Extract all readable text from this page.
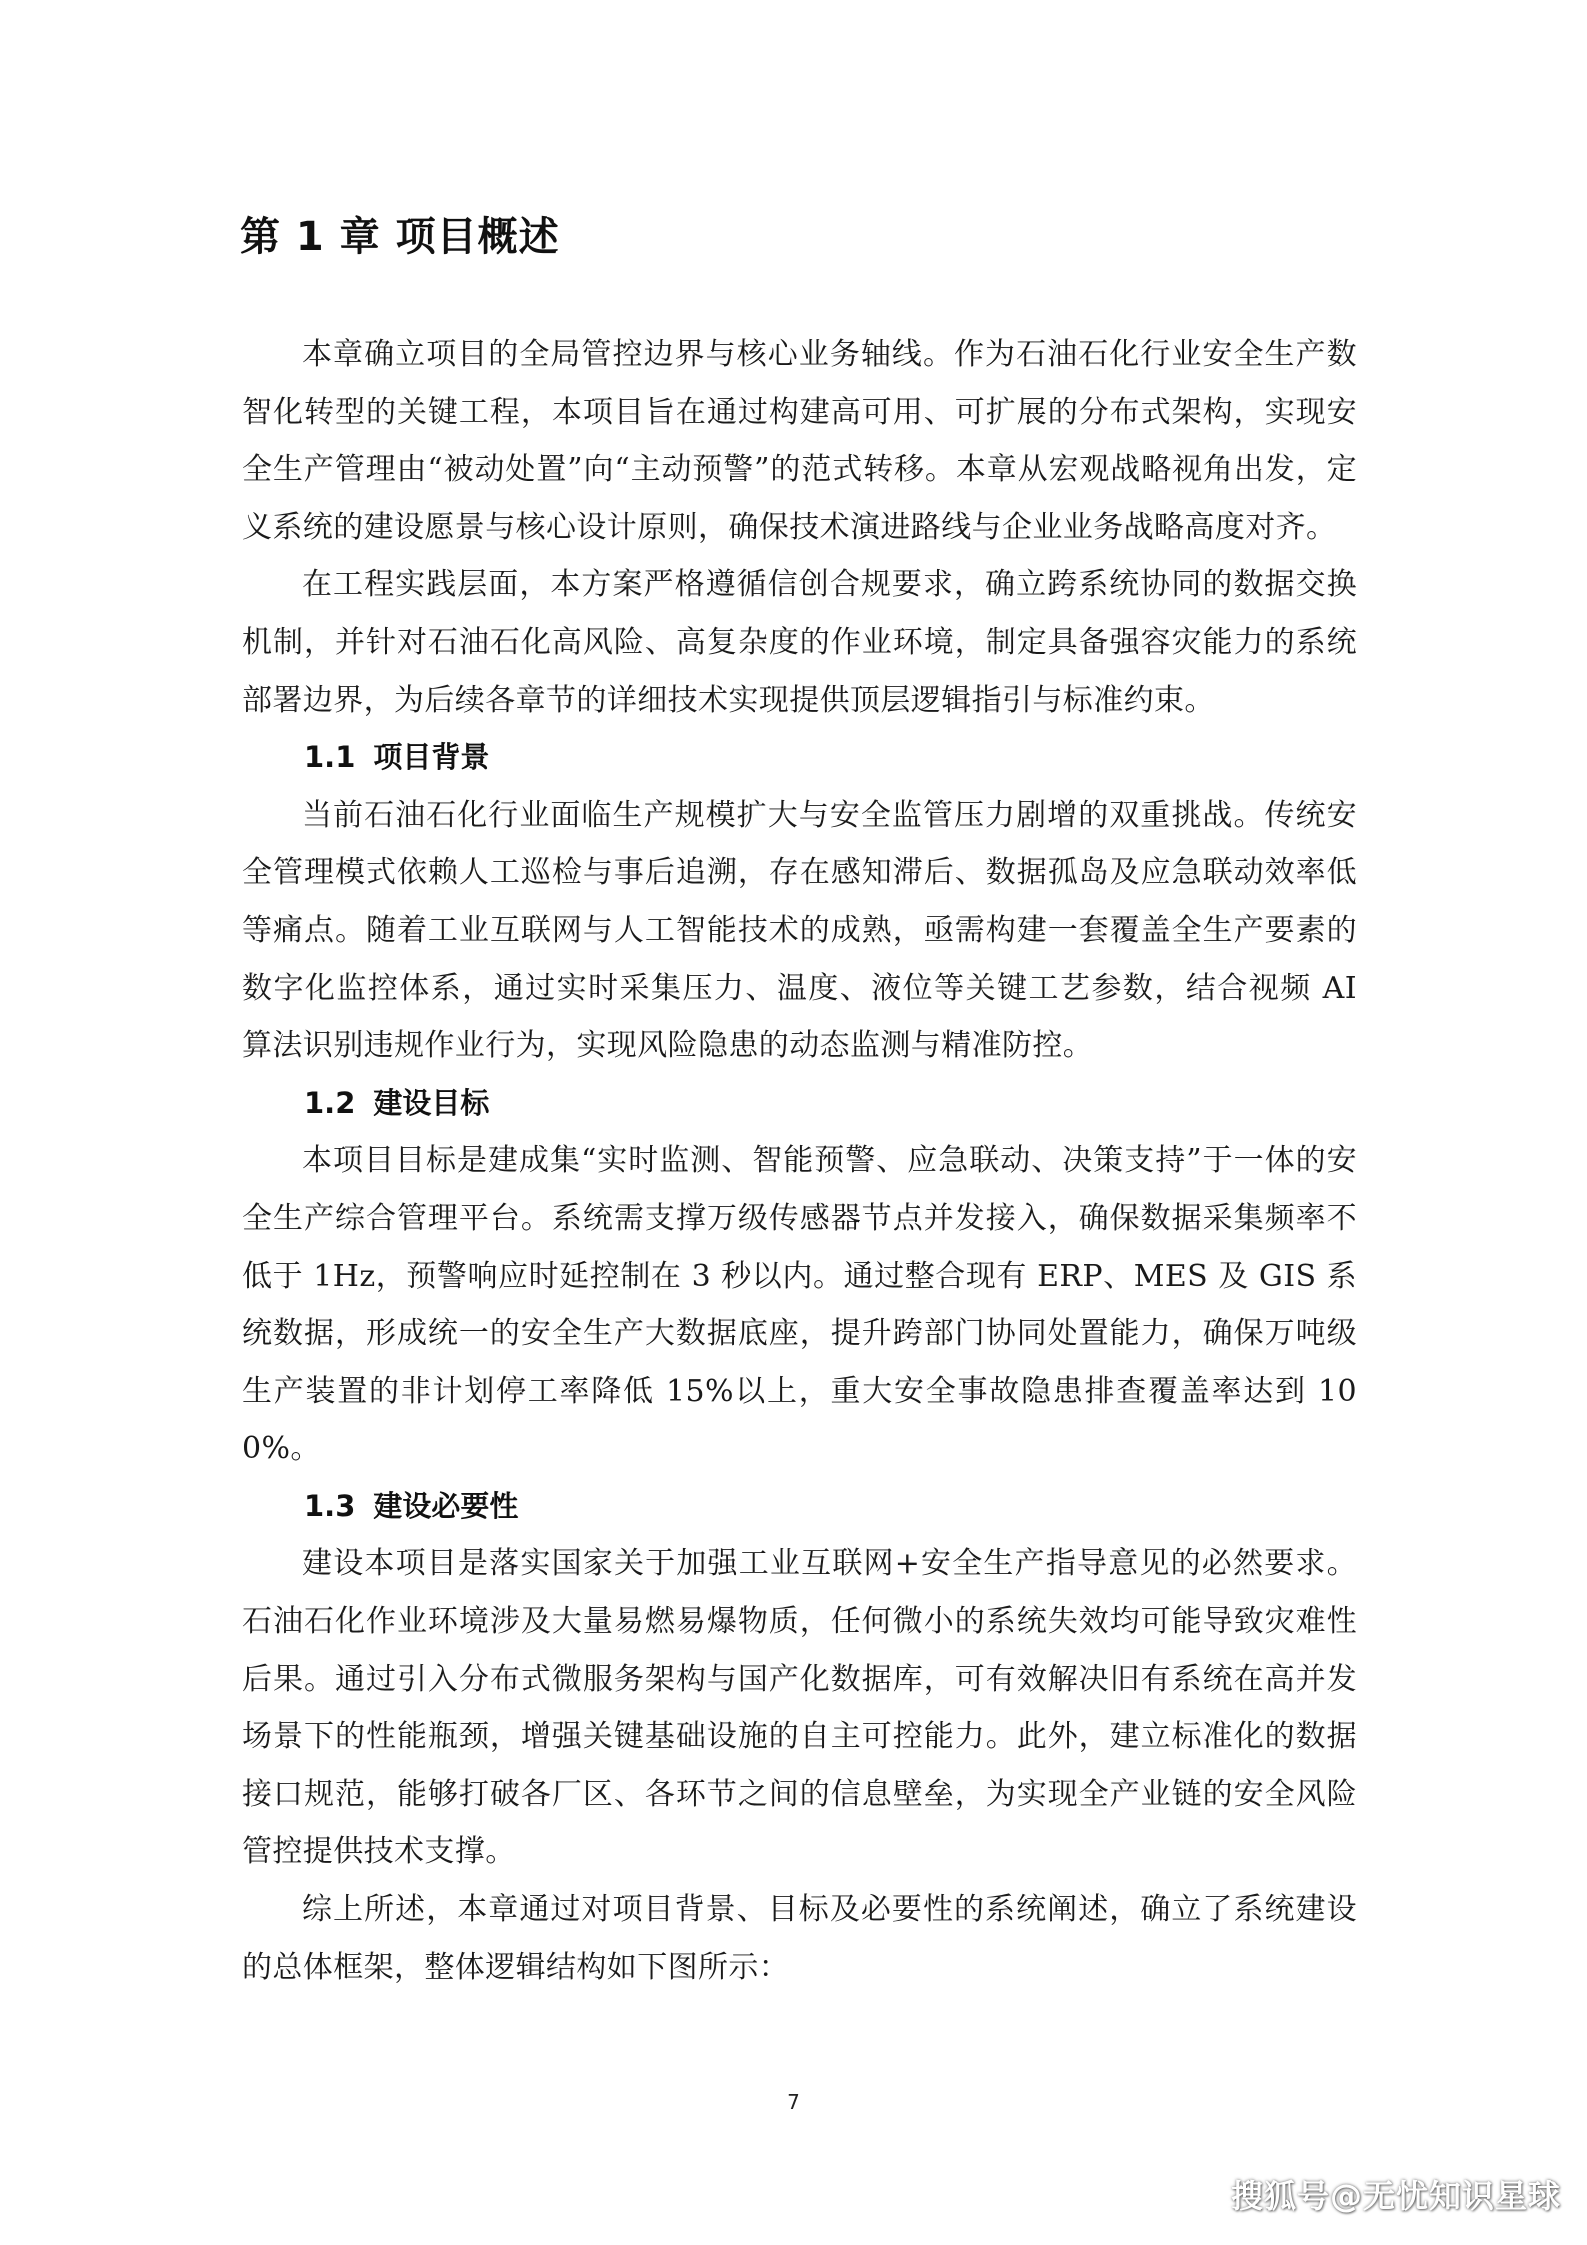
第 1 章 项目概述

本章确立项目的全局管控边界与核心业务轴线。作为石油石化行业安全生产数智化转型的关键工程，本项目旨在通过构建高可用、可扩展的分布式架构，实现安全生产管理由“被动处置”向“主动预警”的范式转移。本章从宏观战略视角出发，定义系统的建设愿景与核心设计原则，确保技术演进路线与企业业务战略高度对齐。

在工程实践层面，本方案严格遵循信创合规要求，确立跨系统协同的数据交换机制，并针对石油石化高风险、高复杂度的作业环境，制定具备强容灾能力的系统部署边界，为后续各章节的详细技术实现提供顶层逻辑指引与标准约束。

1.1 项目背景

当前石油石化行业面临生产规模扩大与安全监管压力剧增的双重挑战。传统安全管理模式依赖人工巡检与事后追溯，存在感知滞后、数据孤岛及应急联动效率低等痛点。随着工业互联网与人工智能技术的成熟，亟需构建一套覆盖全生产要素的数字化监控体系，通过实时采集压力、温度、液位等关键工艺参数，结合视频 AI 算法识别违规作业行为，实现风险隐患的动态监测与精准防控。

1.2 建设目标

本项目目标是建成集“实时监测、智能预警、应急联动、决策支持”于一体的安全生产综合管理平台。系统需支撑万级传感器节点并发接入，确保数据采集频率不低于 1Hz，预警响应时延控制在 3 秒以内。通过整合现有 ERP、MES 及 GIS 系统数据，形成统一的安全生产大数据底座，提升跨部门协同处置能力，确保万吨级生产装置的非计划停工率降低 15%以上，重大安全事故隐患排查覆盖率达到 100%。

1.3 建设必要性

建设本项目是落实国家关于加强工业互联网+安全生产指导意见的必然要求。石油石化作业环境涉及大量易燃易爆物质，任何微小的系统失效均可能导致灾难性后果。通过引入分布式微服务架构与国产化数据库，可有效解决旧有系统在高并发场景下的性能瓶颈，增强关键基础设施的自主可控能力。此外，建立标准化的数据接口规范，能够打破各厂区、各环节之间的信息壁垒，为实现全产业链的安全风险管控提供技术支撑。

综上所述，本章通过对项目背景、目标及必要性的系统阐述，确立了系统建设的总体框架，整体逻辑结构如下图所示：

7
搜狐号@无忧知识星球
